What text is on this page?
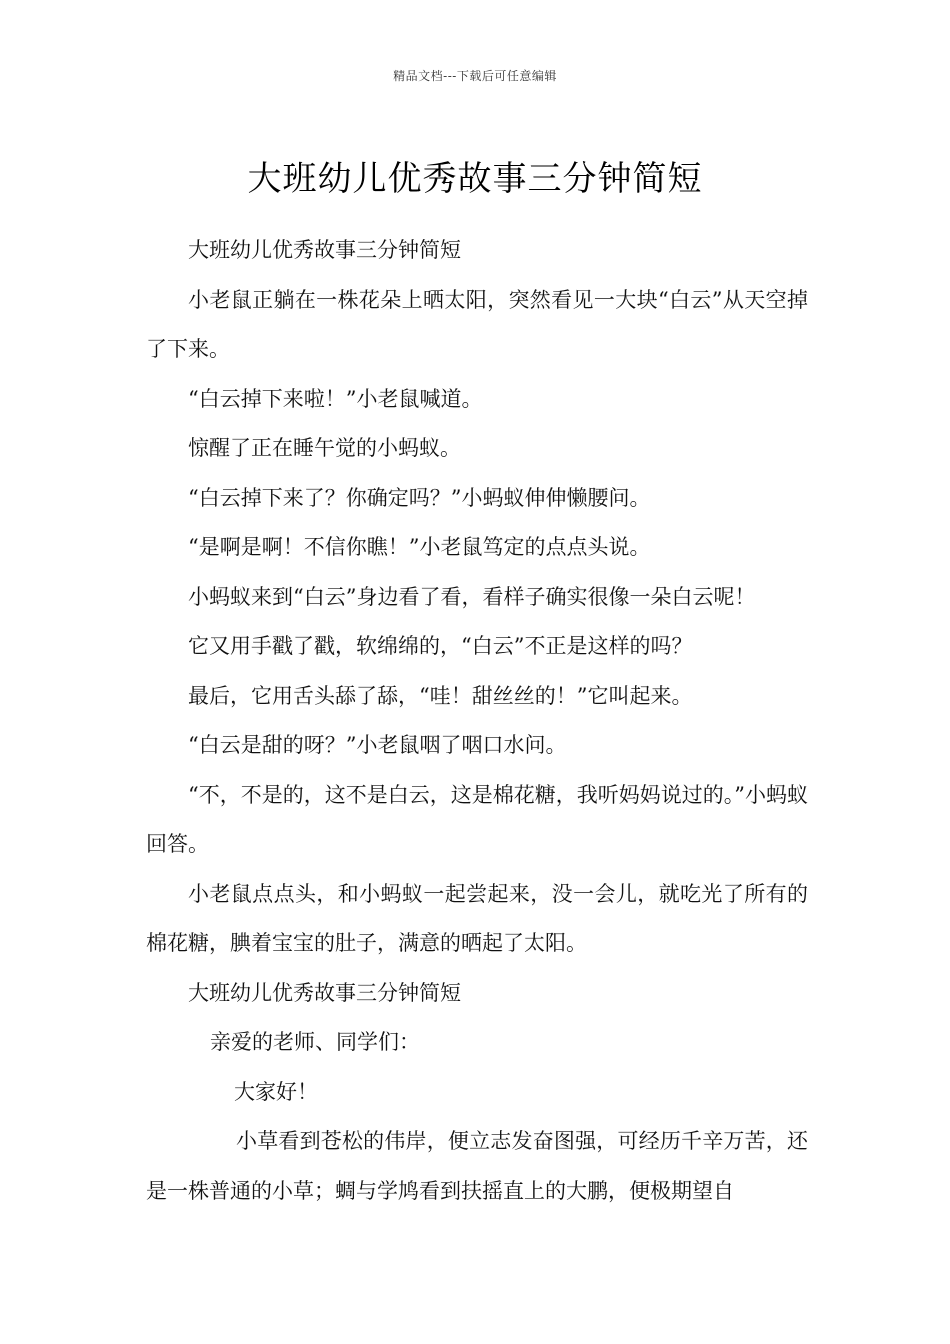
精品文档---下载后可任意编辑
大班幼儿优秀故事三分钟简短

大班幼儿优秀故事三分钟简短

小老鼠正躺在一株花朵上晒太阳，突然看见一大块“白云”从天空掉了下来。

“白云掉下来啦！”小老鼠喊道。

惊醒了正在睡午觉的小蚂蚁。

“白云掉下来了？你确定吗？”小蚂蚁伸伸懒腰问。

“是啊是啊！不信你瞧！”小老鼠笃定的点点头说。

小蚂蚁来到“白云”身边看了看，看样子确实很像一朵白云呢！

它又用手戳了戳，软绵绵的，“白云”不正是这样的吗？

最后，它用舌头舔了舔，“哇！甜丝丝的！”它叫起来。

“白云是甜的呀？”小老鼠咽了咽口水问。

“不，不是的，这不是白云，这是棉花糖，我听妈妈说过的。”小蚂蚁回答。

小老鼠点点头，和小蚂蚁一起尝起来，没一会儿，就吃光了所有的棉花糖，腆着宝宝的肚子，满意的晒起了太阳。

大班幼儿优秀故事三分钟简短

亲爱的老师、同学们：

大家好！

小草看到苍松的伟岸，便立志发奋图强，可经历千辛万苦，还是一株普通的小草；蜩与学鸠看到扶摇直上的大鹏，便极期望自
